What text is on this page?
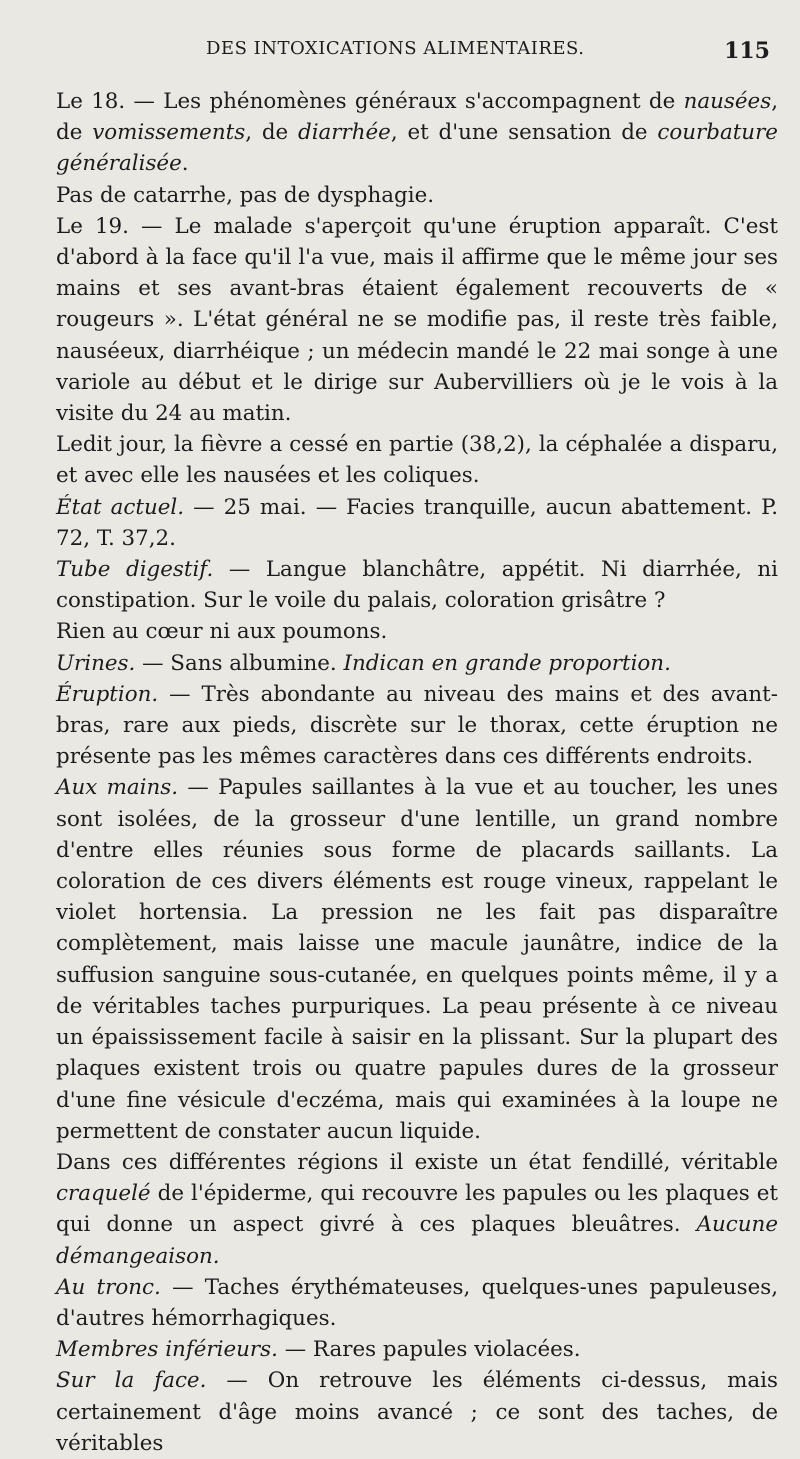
DES INTOXICATIONS ALIMENTAIRES.	115

Le 18. — Les phénomènes généraux s'accompagnent de nausées, de vomissements, de diarrhée, et d'une sensation de courbature généralisée.

Pas de catarrhe, pas de dysphagie.

Le 19. — Le malade s'aperçoit qu'une éruption apparaît. C'est d'abord à la face qu'il l'a vue, mais il affirme que le même jour ses mains et ses avant-bras étaient également recouverts de « rougeurs ». L'état général ne se modifie pas, il reste très faible, nauséeux, diarrhéique ; un médecin mandé le 22 mai songe à une variole au début et le dirige sur Aubervilliers où je le vois à la visite du 24 au matin.

Ledit jour, la fièvre a cessé en partie (38,2), la céphalée a disparu, et avec elle les nausées et les coliques.

État actuel. — 25 mai. — Facies tranquille, aucun abattement. P. 72, T. 37,2.

Tube digestif. — Langue blanchâtre, appétit. Ni diarrhée, ni constipation. Sur le voile du palais, coloration grisâtre ?

Rien au cœur ni aux poumons.

Urines. — Sans albumine. Indican en grande proportion.

Éruption. — Très abondante au niveau des mains et des avant-bras, rare aux pieds, discrète sur le thorax, cette éruption ne présente pas les mêmes caractères dans ces différents endroits.

Aux mains. — Papules saillantes à la vue et au toucher, les unes sont isolées, de la grosseur d'une lentille, un grand nombre d'entre elles réunies sous forme de placards saillants. La coloration de ces divers éléments est rouge vineux, rappelant le violet hortensia. La pression ne les fait pas disparaître complètement, mais laisse une macule jaunâtre, indice de la suffusion sanguine sous-cutanée, en quelques points même, il y a de véritables taches purpuriques. La peau présente à ce niveau un épaississement facile à saisir en la plissant. Sur la plupart des plaques existent trois ou quatre papules dures de la grosseur d'une fine vésicule d'eczéma, mais qui examinées à la loupe ne permettent de constater aucun liquide.

Dans ces différentes régions il existe un état fendillé, véritable craquelé de l'épiderme, qui recouvre les papules ou les plaques et qui donne un aspect givré à ces plaques bleuâtres. Aucune démangeaison.

Au tronc. — Taches érythémateuses, quelques-unes papuleuses, d'autres hémorrhagiques.

Membres inférieurs. — Rares papules violacées.

Sur la face. — On retrouve les éléments ci-dessus, mais certainement d'âge moins avancé ; ce sont des taches, de véritables
